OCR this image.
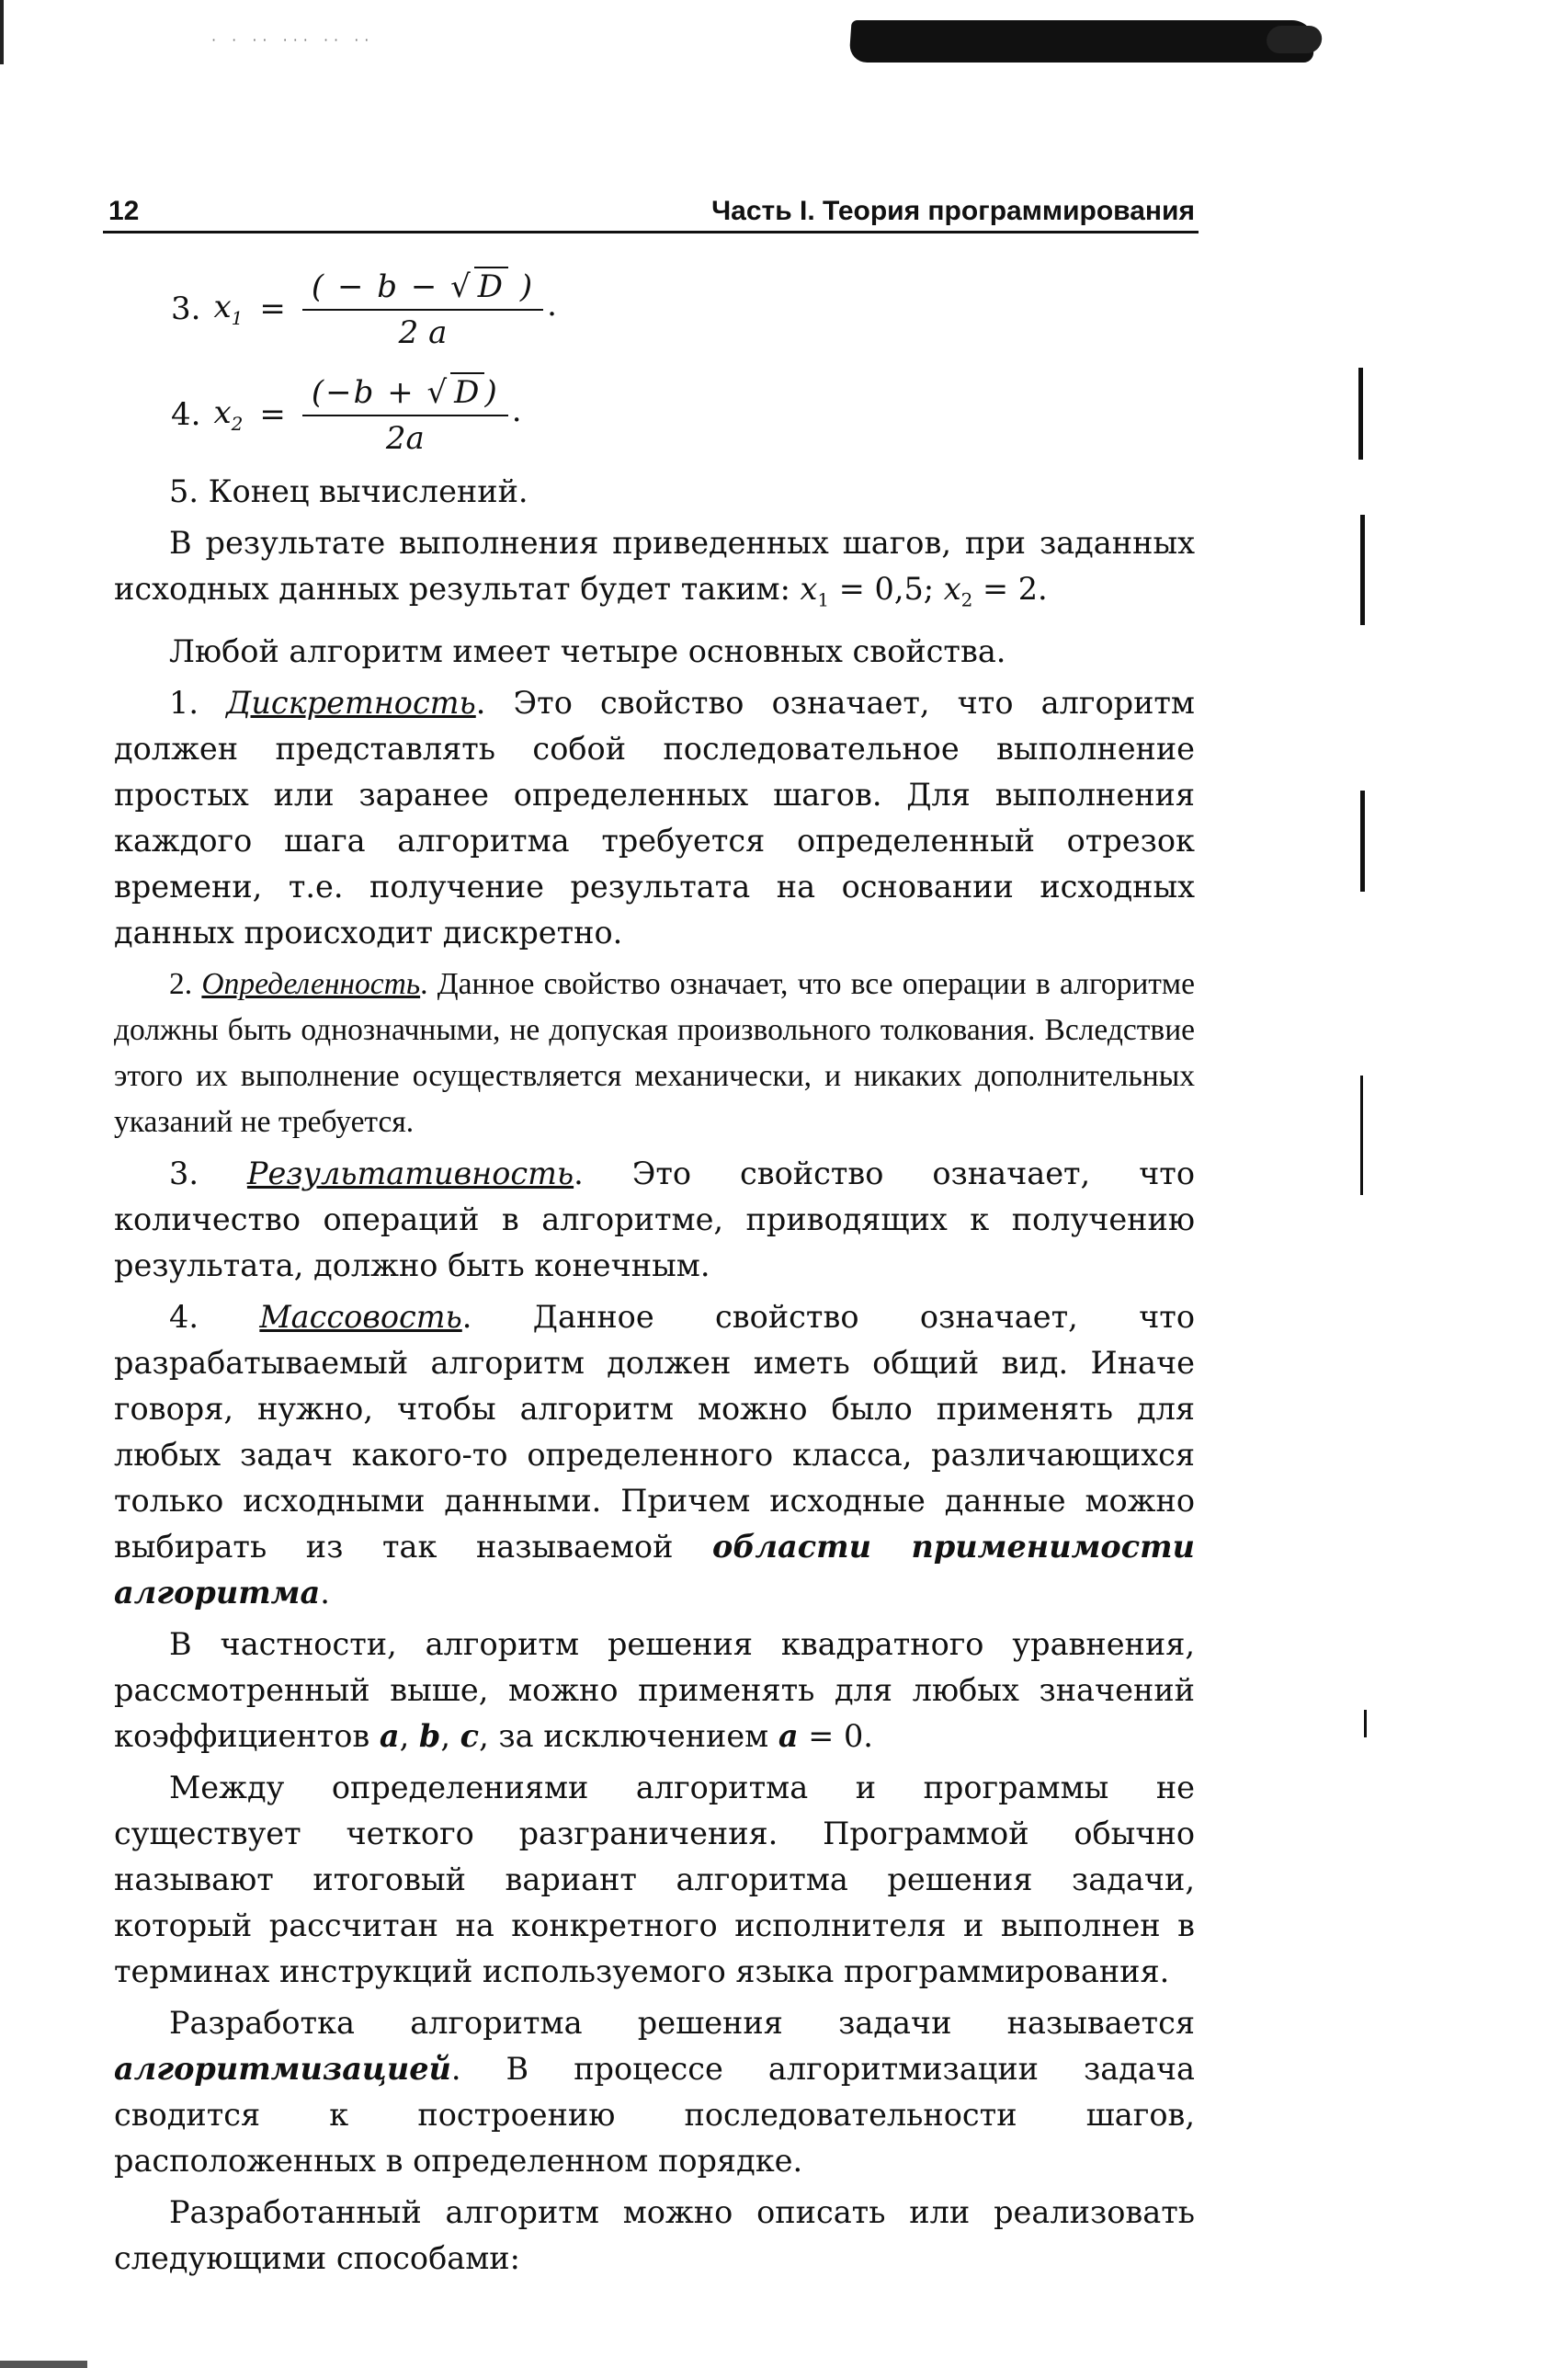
· · ·· ··· ·· ··
12	Часть I. Теория программирования
3. $x_1 = \frac{( - b - √ D )}{2 a}$ .
4. $x_2 = \frac{(-b + √ D )}{2a}$ .

5. Конец вычислений.

В результате выполнения приведенных шагов, при заданных исходных данных результат будет таким: $x_1 = 0,5$; $x_2 = 2$.

Любой алгоритм имеет четыре основных свойства.

1. Дискретность. Это свойство означает, что алгоритм должен представлять собой последовательное выполнение простых или заранее определенных шагов. Для выполнения каждого шага алгоритма требуется определенный отрезок времени, т.е. получение результата на основании исходных данных происходит дискретно.

2. Определенность. Данное свойство означает, что все операции в алгоритме должны быть однозначными, не допуская произвольного толкования. Вследствие этого их выполнение осуществляется механически, и никаких дополнительных указаний не требуется.

3. Результативность. Это свойство означает, что количество операций в алгоритме, приводящих к получению результата, должно быть конечным.

4. Массовость. Данное свойство означает, что разрабатываемый алгоритм должен иметь общий вид. Иначе говоря, нужно, чтобы алгоритм можно было применять для любых задач какого-то определенного класса, различающихся только исходными данными. Причем исходные данные можно выбирать из так называемой области применимости алгоритма.

В частности, алгоритм решения квадратного уравнения, рассмотренный выше, можно применять для любых значений коэффициентов a, b, c, за исключением a = 0.

Между определениями алгоритма и программы не существует четкого разграничения. Программой обычно называют итоговый вариант алгоритма решения задачи, который рассчитан на конкретного исполнителя и выполнен в терминах инструкций используемого языка программирования.

Разработка алгоритма решения задачи называется алгоритмизацией. В процессе алгоритмизации задача сводится к построению последовательности шагов, расположенных в определенном порядке.

Разработанный алгоритм можно описать или реализовать следующими способами:
